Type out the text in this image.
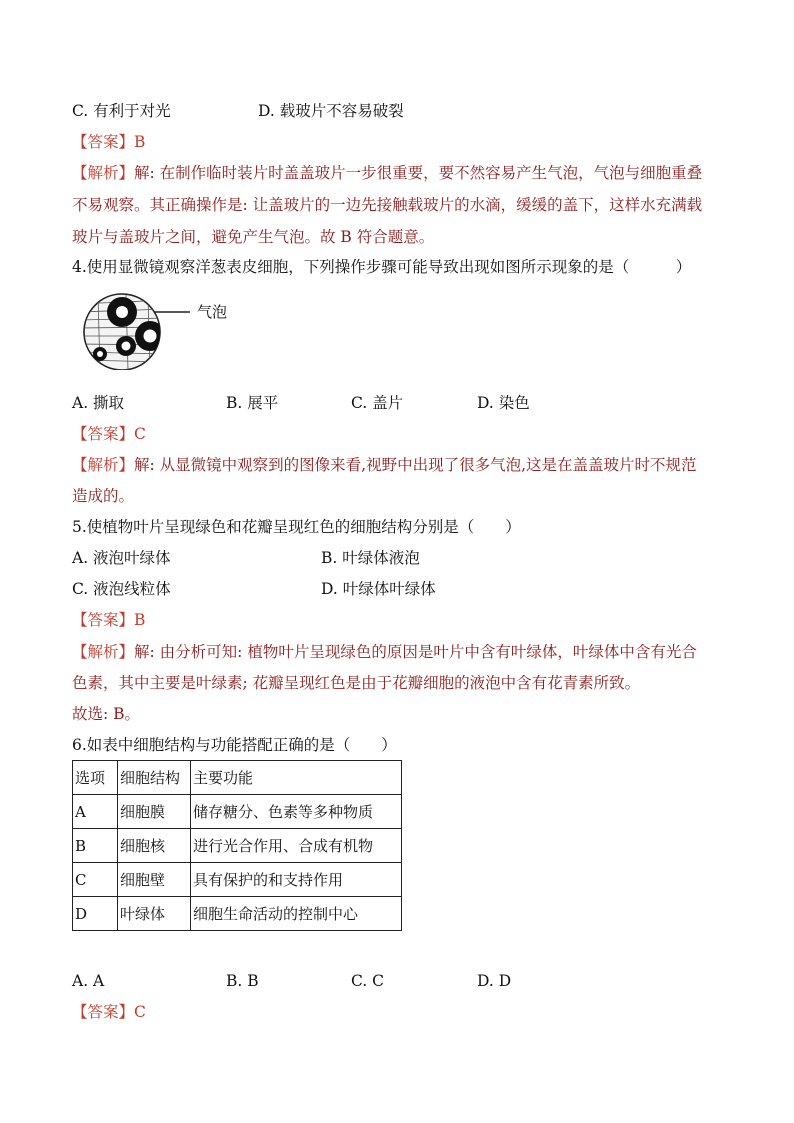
C. 有利于对光	D. 载玻片不容易破裂
【答案】B
【解析】解: 在制作临时装片时盖盖玻片一步很重要，要不然容易产生气泡，气泡与细胞重叠
不易观察。其正确操作是: 让盖玻片的一边先接触载玻片的水滴，缓缓的盖下，这样水充满载
玻片与盖玻片之间，避免产生气泡。故 B 符合题意。
4.使用显微镜观察洋葱表皮细胞，下列操作步骤可能导致出现如图所示现象的是（　　　）
气泡
A. 撕取	B. 展平	C. 盖片	D. 染色
【答案】C
【解析】解: 从显微镜中观察到的图像来看,视野中出现了很多气泡,这是在盖盖玻片时不规范
造成的。
5.使植物叶片呈现绿色和花瓣呈现红色的细胞结构分别是（　　）
A. 液泡叶绿体	B. 叶绿体液泡
C. 液泡线粒体	D. 叶绿体叶绿体
【答案】B
【解析】解: 由分析可知: 植物叶片呈现绿色的原因是叶片中含有叶绿体，叶绿体中含有光合
色素，其中主要是叶绿素; 花瓣呈现红色是由于花瓣细胞的液泡中含有花青素所致。
故选: B。
6.如表中细胞结构与功能搭配正确的是（　　）
选项	细胞结构	主要功能
A	细胞膜	储存糖分、色素等多种物质
B	细胞核	进行光合作用、合成有机物
C	细胞壁	具有保护的和支持作用
D	叶绿体	细胞生命活动的控制中心
A. A	B. B	C. C	D. D
【答案】C
